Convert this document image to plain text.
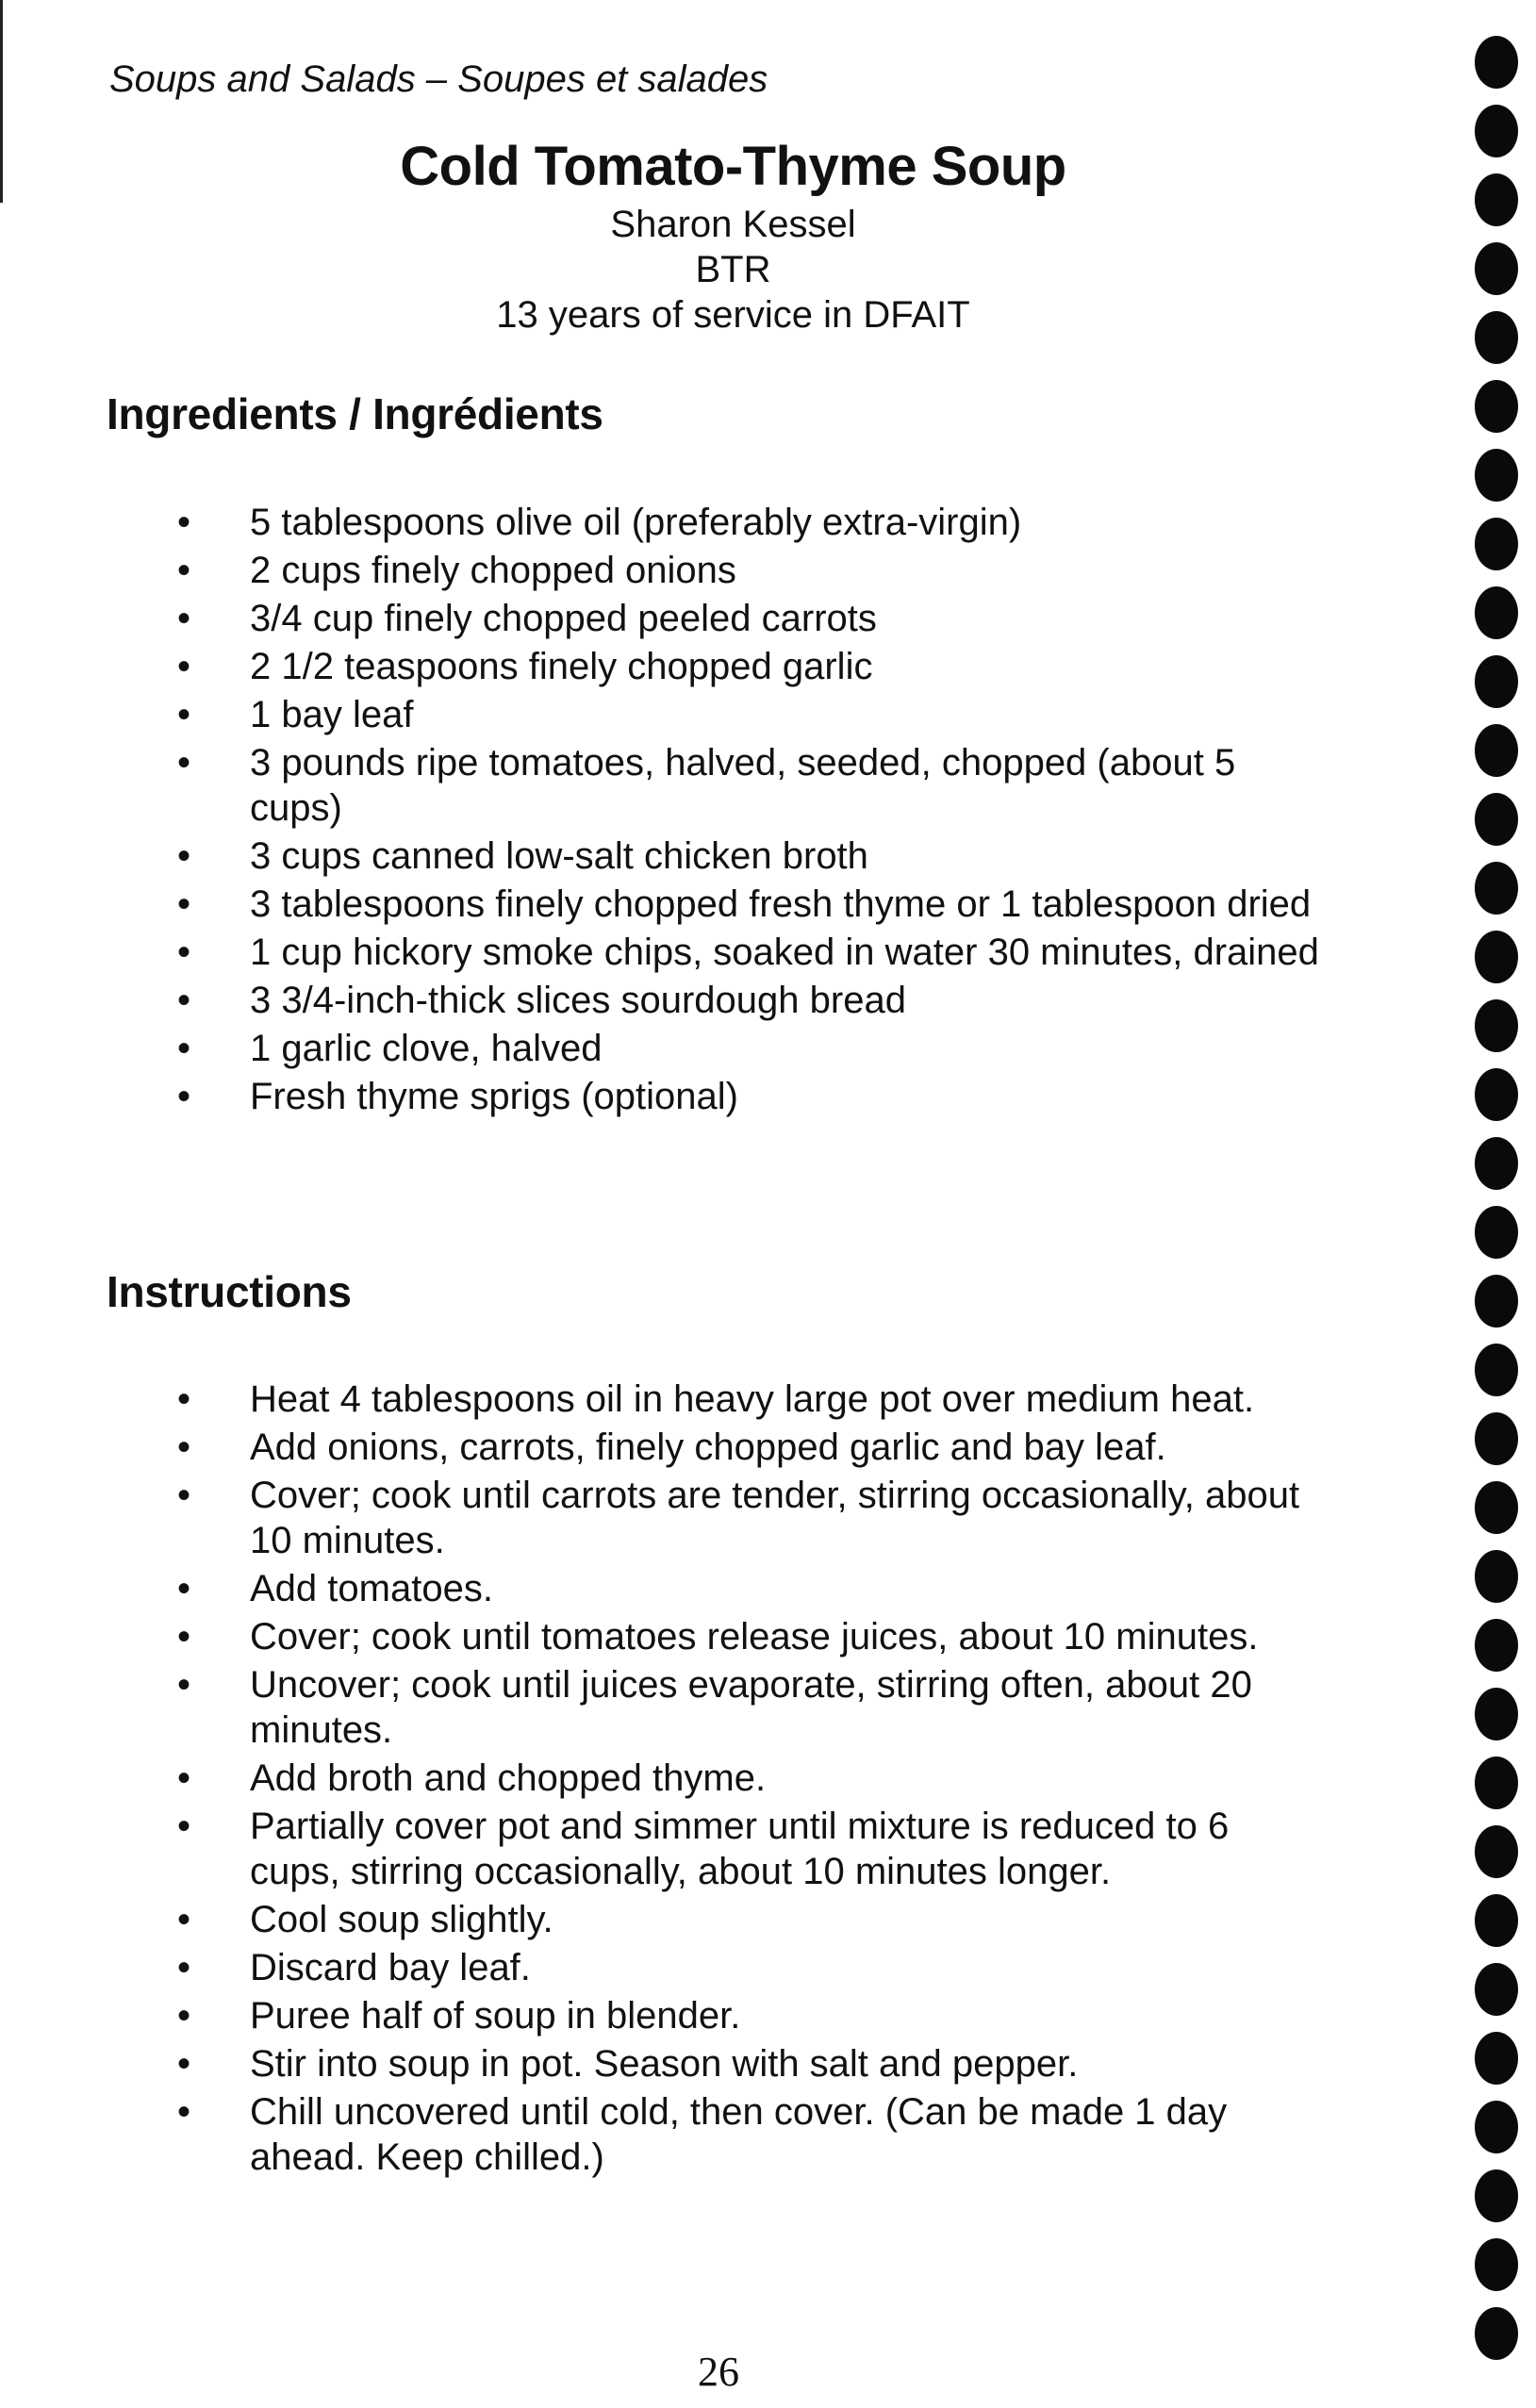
Soups and Salads – Soupes et salades
Cold Tomato-Thyme Soup
Sharon Kessel
BTR
13 years of service in DFAIT
Ingredients / Ingrédients
• 5 tablespoons olive oil (preferably extra-virgin)
• 2 cups finely chopped onions
• 3/4 cup finely chopped peeled carrots
• 2 1/2 teaspoons finely chopped garlic
• 1 bay leaf
• 3 pounds ripe tomatoes, halved, seeded, chopped (about 5 cups)
• 3 cups canned low-salt chicken broth
• 3 tablespoons finely chopped fresh thyme or 1 tablespoon dried
• 1 cup hickory smoke chips, soaked in water 30 minutes, drained
• 3 3/4-inch-thick slices sourdough bread
• 1 garlic clove, halved
• Fresh thyme sprigs (optional)
Instructions
• Heat 4 tablespoons oil in heavy large pot over medium heat.
• Add onions, carrots, finely chopped garlic and bay leaf.
• Cover; cook until carrots are tender, stirring occasionally, about 10 minutes.
• Add tomatoes.
• Cover; cook until tomatoes release juices, about 10 minutes.
• Uncover; cook until juices evaporate, stirring often, about 20 minutes.
• Add broth and chopped thyme.
• Partially cover pot and simmer until mixture is reduced to 6 cups, stirring occasionally, about 10 minutes longer.
• Cool soup slightly.
• Discard bay leaf.
• Puree half of soup in blender.
• Stir into soup in pot. Season with salt and pepper.
• Chill uncovered until cold, then cover. (Can be made 1 day ahead. Keep chilled.)
26
